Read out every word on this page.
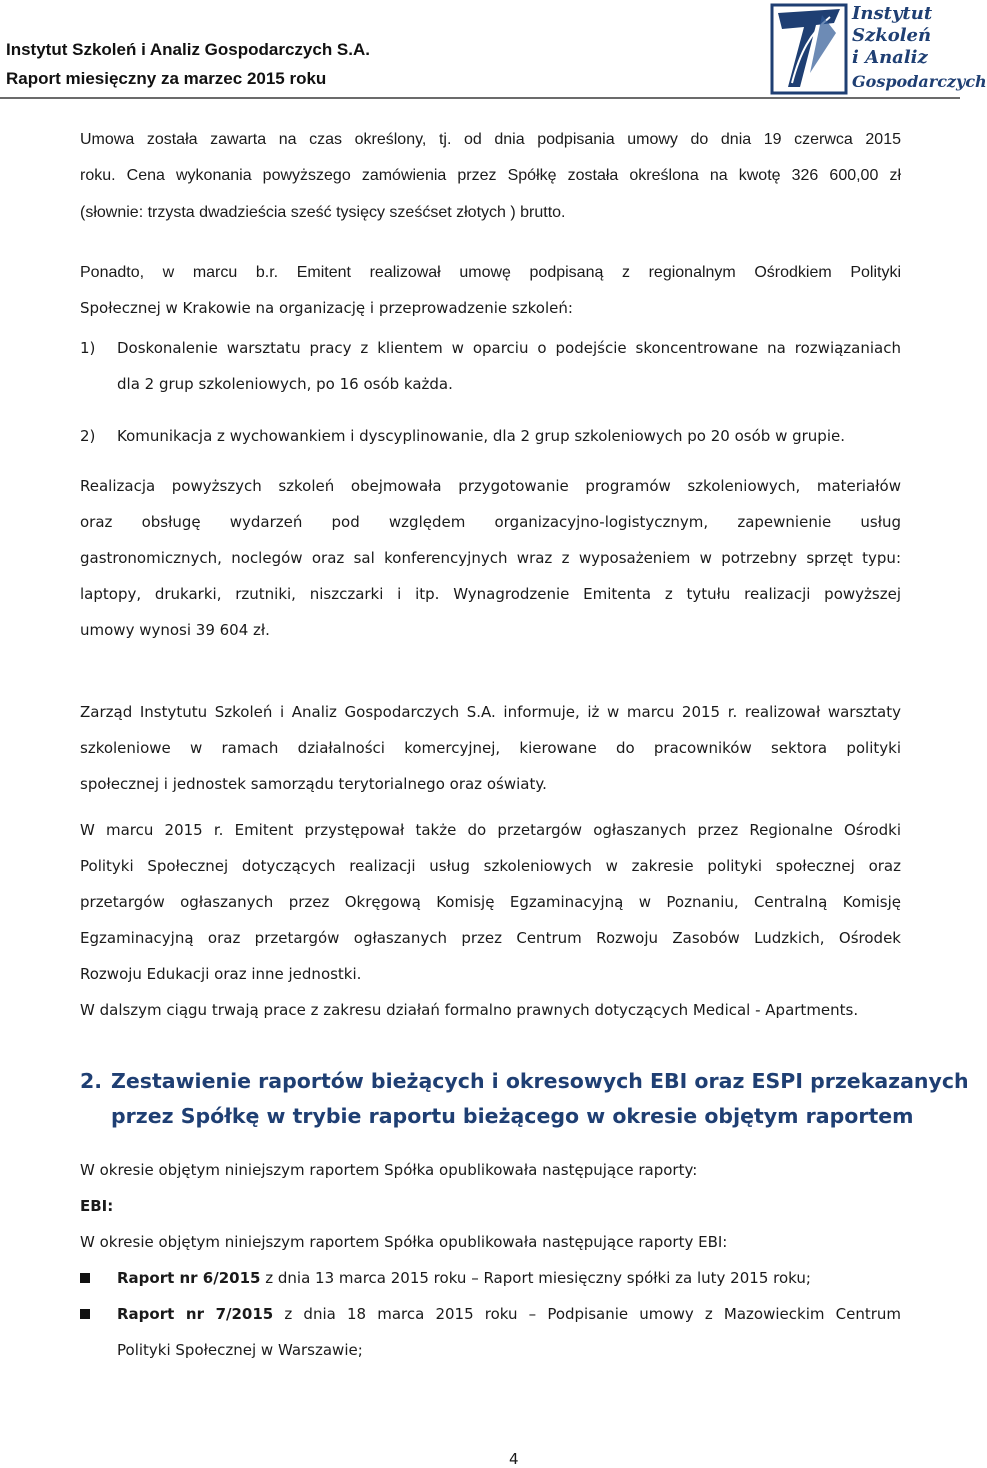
Instytut Szkoleń i Analiz Gospodarczych S.A.
Raport miesięczny za marzec 2015 roku
Instytut
Szkoleń
i Analiz
Gospodarczych
Umowa została zawarta na czas określony, tj. od dnia podpisania umowy do dnia 19 czerwca 2015
roku. Cena wykonania powyższego zamówienia przez Spółkę została określona na kwotę 326 600,00 zł
(słownie: trzysta dwadzieścia sześć tysięcy sześćset złotych ) brutto.
Ponadto, w marcu b.r. Emitent realizował umowę podpisaną z regionalnym Ośrodkiem Polityki
Społecznej w Krakowie na organizację i przeprowadzenie szkoleń:
1)	Doskonalenie warsztatu pracy z klientem w oparciu o podejście skoncentrowane na rozwiązaniach
dla 2 grup szkoleniowych, po 16 osób każda.
2)	Komunikacja z wychowankiem i dyscyplinowanie, dla 2 grup szkoleniowych po 20 osób w grupie.
Realizacja powyższych szkoleń obejmowała przygotowanie programów szkoleniowych, materiałów
oraz obsługę wydarzeń pod względem organizacyjno-logistycznym, zapewnienie usług
gastronomicznych, noclegów oraz sal konferencyjnych wraz z wyposażeniem w potrzebny sprzęt typu:
laptopy, drukarki, rzutniki, niszczarki i itp. Wynagrodzenie Emitenta z tytułu realizacji powyższej
umowy wynosi 39 604 zł.
Zarząd Instytutu Szkoleń i Analiz Gospodarczych S.A. informuje, iż w marcu 2015 r. realizował warsztaty
szkoleniowe w ramach działalności komercyjnej, kierowane do pracowników sektora polityki
społecznej i jednostek samorządu terytorialnego oraz oświaty.
W marcu 2015 r. Emitent przystępował także do przetargów ogłaszanych przez Regionalne Ośrodki
Polityki Społecznej dotyczących realizacji usług szkoleniowych w zakresie polityki społecznej oraz
przetargów ogłaszanych przez Okręgową Komisję Egzaminacyjną w Poznaniu, Centralną Komisję
Egzaminacyjną oraz przetargów ogłaszanych przez Centrum Rozwoju Zasobów Ludzkich, Ośrodek
Rozwoju Edukacji oraz inne jednostki.
W dalszym ciągu trwają prace z zakresu działań formalno prawnych dotyczących Medical - Apartments.
2. Zestawienie raportów bieżących i okresowych EBI oraz ESPI przekazanych
przez Spółkę w trybie raportu bieżącego w okresie objętym raportem
W okresie objętym niniejszym raportem Spółka opublikowała następujące raporty:
EBI:
W okresie objętym niniejszym raportem Spółka opublikowała następujące raporty EBI:
Raport nr 6/2015 z dnia 13 marca 2015 roku – Raport miesięczny spółki za luty 2015 roku;
Raport nr 7/2015 z dnia 18 marca 2015 roku – Podpisanie umowy z Mazowieckim Centrum
Polityki Społecznej w Warszawie;
4
